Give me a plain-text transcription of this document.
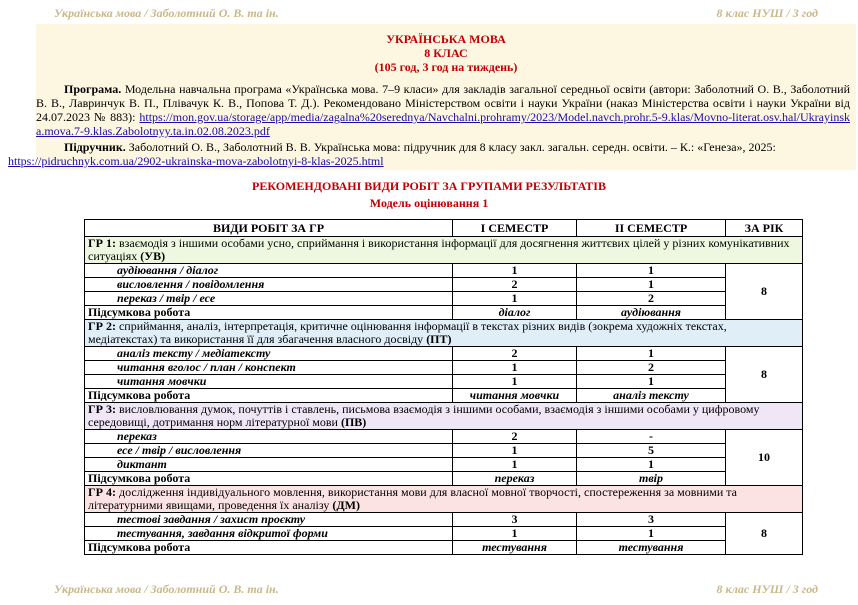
Українська мова / Заболотний О. В. та ін.	8 клас НУШ / 3 год
УКРАЇНСЬКА МОВА
8 КЛАС
(105 год, 3 год на тиждень)
Програма. Модельна навчальна програма «Українська мова. 7–9 класи» для закладів загальної середньої освіти (автори: Заболотний О. В., Заболотний В. В., Лавринчук В. П., Плівачук К. В., Попова Т. Д.). Рекомендовано Міністерством освіти і науки України (наказ Міністерства освіти і науки України від 24.07.2023 № 883): https://mon.gov.ua/storage/app/media/zagalna%20serednya/Navchalni.prohramy/2023/Model.navch.prohr.5-9.klas/Movno-literat.osv.hal/Ukrayinska.mova.7-9.klas.Zabolotnyy.ta.in.02.08.2023.pdf
Підручник. Заболотний О. В., Заболотний В. В. Українська мова: підручник для 8 класу закл. загальн. середн. освіти. – К.: «Генеза», 2025:
https://pidruchnyk.com.ua/2902-ukrainska-mova-zabolotnyi-8-klas-2025.html
РЕКОМЕНДОВАНІ ВИДИ РОБІТ ЗА ГРУПАМИ РЕЗУЛЬТАТІВ
Модель оцінювання 1
ВИДИ РОБІТ ЗА ГР	І СЕМЕСТР	ІІ СЕМЕСТР	ЗА РІК
ГР 1: взаємодія з іншими особами усно, сприймання і використання інформації для досягнення життєвих цілей у різних комунікативних ситуаціях (УВ)			
аудіювання / діалог	1	1	8
висловлення / повідомлення	2	1	
переказ / твір / есе	1	2	
Підсумкова робота	діалог	аудіювання	
ГР 2: сприймання, аналіз, інтерпретація, критичне оцінювання інформації в текстах різних видів (зокрема художніх текстах, медіатекстах) та використання її для збагачення власного досвіду (ПТ)			
аналіз тексту / медіатексту	2	1	8
читання вголос / план / конспект	1	2	
читання мовчки	1	1	
Підсумкова робота	читання мовчки	аналіз тексту	
ГР 3: висловлювання думок, почуттів і ставлень, письмова взаємодія з іншими особами, взаємодія з іншими особами у цифровому середовищі, дотримання норм літературної мови (ПВ)			
переказ	2	-	10
есе / твір / висловлення	1	5	
диктант	1	1	
Підсумкова робота	переказ	твір	
ГР 4: дослідження індивідуального мовлення, використання мови для власної мовної творчості, спостереження за мовними та літературними явищами, проведення їх аналізу (ДМ)			
тестові завдання / захист проєкту	3	3	8
тестування, завдання відкритої форми	1	1	
Підсумкова робота	тестування	тестування	
Українська мова / Заболотний О. В. та ін.	8 клас НУШ / 3 год
